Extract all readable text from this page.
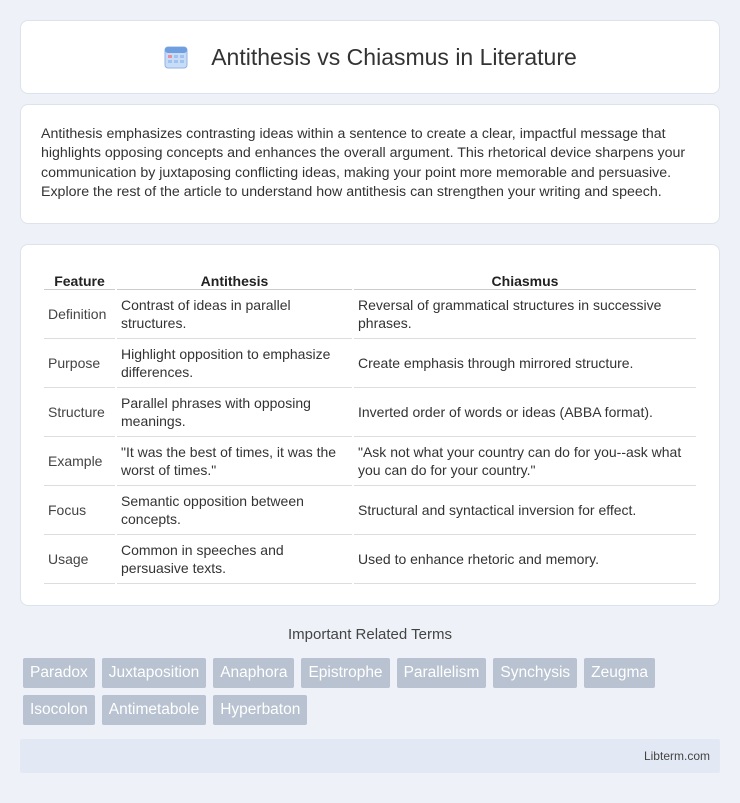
Antithesis vs Chiasmus in Literature

Antithesis emphasizes contrasting ideas within a sentence to create a clear, impactful message that highlights opposing concepts and enhances the overall argument. This rhetorical device sharpens your communication by juxtaposing conflicting ideas, making your point more memorable and persuasive. Explore the rest of the article to understand how antithesis can strengthen your writing and speech.

Feature	Antithesis	Chiasmus
Definition	Contrast of ideas in parallel structures.	Reversal of grammatical structures in successive phrases.
Purpose	Highlight opposition to emphasize differences.	Create emphasis through mirrored structure.
Structure	Parallel phrases with opposing meanings.	Inverted order of words or ideas (ABBA format).
Example	"It was the best of times, it was the worst of times."	"Ask not what your country can do for you--ask what you can do for your country."
Focus	Semantic opposition between concepts.	Structural and syntactical inversion for effect.
Usage	Common in speeches and persuasive texts.	Used to enhance rhetoric and memory.
Important Related Terms
Paradox	Juxtaposition	Anaphora	Epistrophe	Parallelism	Synchysis	Zeugma
Isocolon	Antimetabole	Hyperbaton
Libterm.com
